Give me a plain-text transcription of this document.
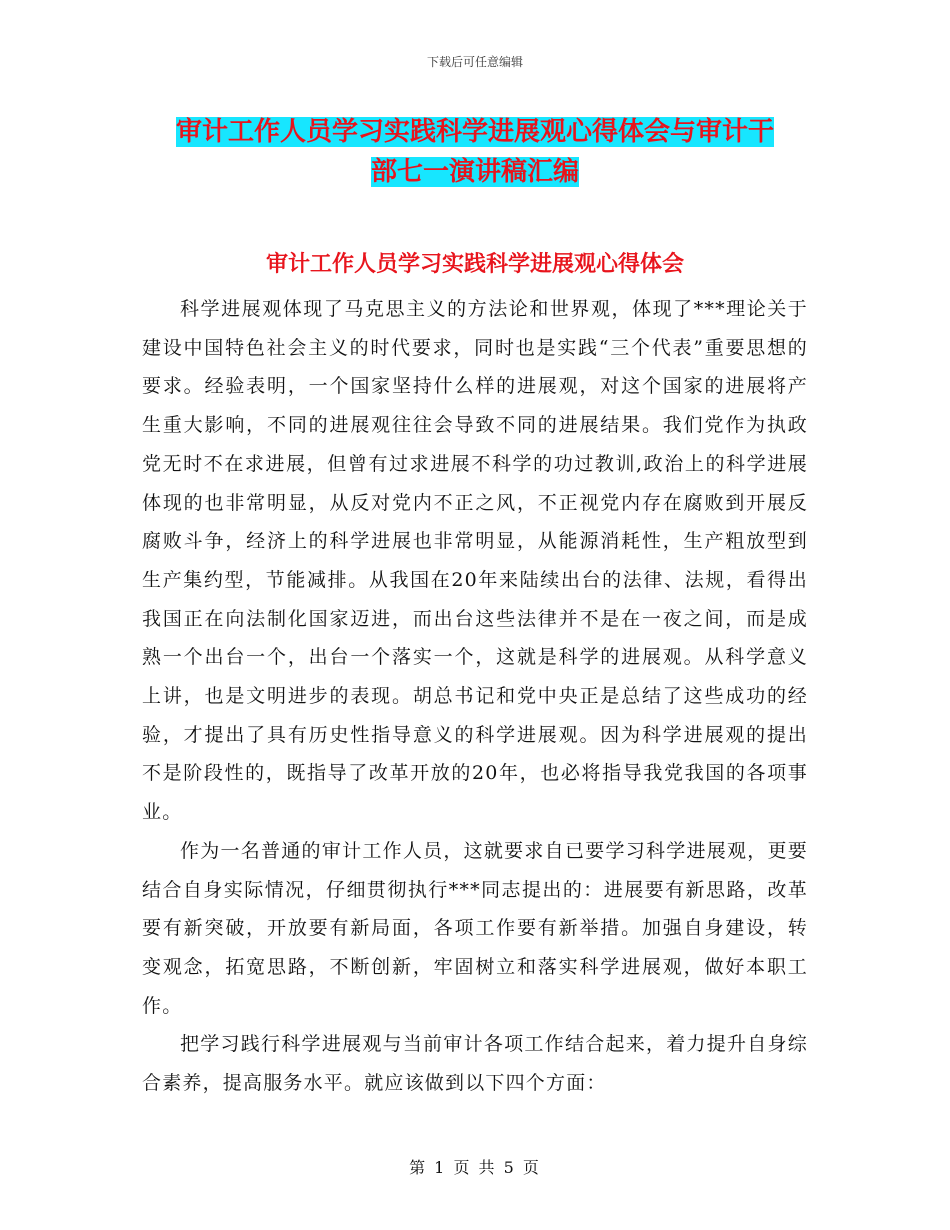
下载后可任意编辑
审计工作人员学习实践科学进展观心得体会与审计干
部七一演讲稿汇编
审计工作人员学习实践科学进展观心得体会

科学进展观体现了马克思主义的方法论和世界观，体现了***理论关于建设中国特色社会主义的时代要求，同时也是实践“三个代表”重要思想的要求。经验表明，一个国家坚持什么样的进展观，对这个国家的进展将产生重大影响，不同的进展观往往会导致不同的进展结果。我们党作为执政党无时不在求进展，但曾有过求进展不科学的功过教训,政治上的科学进展体现的也非常明显，从反对党内不正之风，不正视党内存在腐败到开展反腐败斗争，经济上的科学进展也非常明显，从能源消耗性，生产粗放型到生产集约型，节能减排。从我国在20年来陆续出台的法律、法规，看得出我国正在向法制化国家迈进，而出台这些法律并不是在一夜之间，而是成熟一个出台一个，出台一个落实一个，这就是科学的进展观。从科学意义上讲，也是文明进步的表现。胡总书记和党中央正是总结了这些成功的经验，才提出了具有历史性指导意义的科学进展观。因为科学进展观的提出不是阶段性的，既指导了改革开放的20年，也必将指导我党我国的各项事业。

作为一名普通的审计工作人员，这就要求自已要学习科学进展观，更要结合自身实际情况，仔细贯彻执行***同志提出的：进展要有新思路，改革要有新突破，开放要有新局面，各项工作要有新举措。加强自身建设，转变观念，拓宽思路，不断创新，牢固树立和落实科学进展观，做好本职工作。

把学习践行科学进展观与当前审计各项工作结合起来，着力提升自身综合素养，提高服务水平。就应该做到以下四个方面：

第 1 页 共 5 页
